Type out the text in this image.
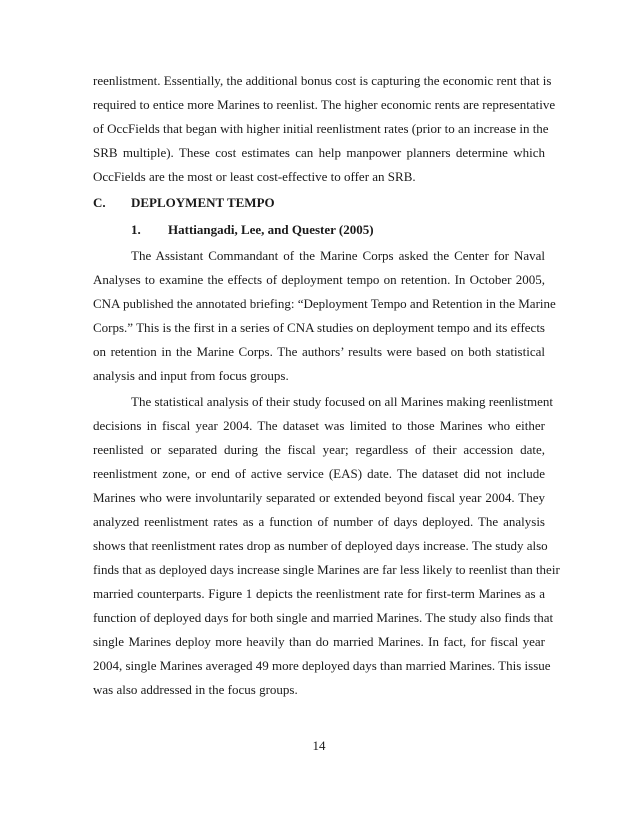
reenlistment. Essentially, the additional bonus cost is capturing the economic rent that is
required to entice more Marines to reenlist. The higher economic rents are representative
of OccFields that began with higher initial reenlistment rates (prior to an increase in the
SRB multiple). These cost estimates can help manpower planners determine which
OccFields are the most or least cost-effective to offer an SRB.
C. DEPLOYMENT TEMPO
1. Hattiangadi, Lee, and Quester (2005)
The Assistant Commandant of the Marine Corps asked the Center for Naval
Analyses to examine the effects of deployment tempo on retention. In October 2005,
CNA published the annotated briefing: “Deployment Tempo and Retention in the Marine
Corps.” This is the first in a series of CNA studies on deployment tempo and its effects
on retention in the Marine Corps. The authors’ results were based on both statistical
analysis and input from focus groups.
The statistical analysis of their study focused on all Marines making reenlistment
decisions in fiscal year 2004. The dataset was limited to those Marines who either
reenlisted or separated during the fiscal year; regardless of their accession date,
reenlistment zone, or end of active service (EAS) date. The dataset did not include
Marines who were involuntarily separated or extended beyond fiscal year 2004. They
analyzed reenlistment rates as a function of number of days deployed. The analysis
shows that reenlistment rates drop as number of deployed days increase. The study also
finds that as deployed days increase single Marines are far less likely to reenlist than their
married counterparts. Figure 1 depicts the reenlistment rate for first-term Marines as a
function of deployed days for both single and married Marines. The study also finds that
single Marines deploy more heavily than do married Marines. In fact, for fiscal year
2004, single Marines averaged 49 more deployed days than married Marines. This issue
was also addressed in the focus groups.
14
